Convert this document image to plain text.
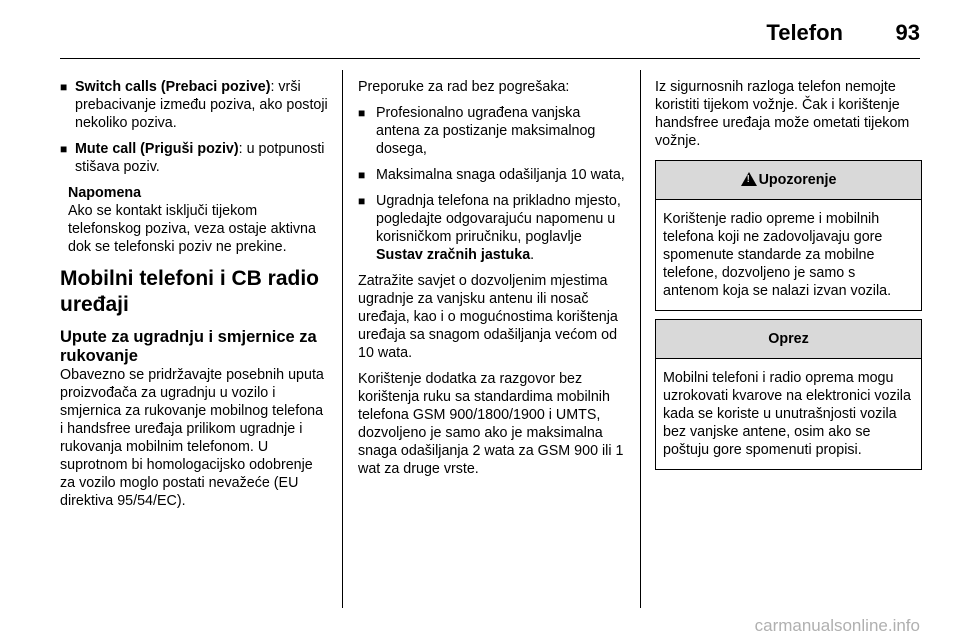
Telefon 93
■ Switch calls (Prebaci pozive): vrši prebacivanje između poziva, ako postoji nekoliko poziva.
■ Mute call (Priguši poziv): u potpunosti stišava poziv.
Napomena
Ako se kontakt isključi tijekom telefonskog poziva, veza ostaje aktivna dok se telefonski poziv ne prekine.
Mobilni telefoni i CB radio uređaji
Upute za ugradnju i smjernice za rukovanje

Obavezno se pridržavajte posebnih uputa proizvođača za ugradnju u vozilo i smjernica za rukovanje mobilnog telefona i handsfree uređaja prilikom ugradnje i rukovanja mobilnim telefonom. U suprotnom bi homologacijsko odobrenje za vozilo moglo postati nevažeće (EU direktiva 95/54/EC).

Preporuke za rad bez pogrešaka:

■ Profesionalno ugrađena vanjska antena za postizanje maksimalnog dosega,
■ Maksimalna snaga odašiljanja 10 wata,
■ Ugradnja telefona na prikladno mjesto, pogledajte odgovarajuću napomenu u korisničkom priručniku, poglavlje Sustav zračnih jastuka.

Zatražite savjet o dozvoljenim mjestima ugradnje za vanjsku antenu ili nosač uređaja, kao i o mogućnostima korištenja uređaja sa snagom odašiljanja većom od 10 wata.

Korištenje dodatka za razgovor bez korištenja ruku sa standardima mobilnih telefona GSM 900/1800/1900 i UMTS, dozvoljeno je samo ako je maksimalna snaga odašiljanja 2 wata za GSM 900 ili 1 wat za druge vrste.

Iz sigurnosnih razloga telefon nemojte koristiti tijekom vožnje. Čak i korištenje handsfree uređaja može ometati tijekom vožnje.

!Upozorenje
Korištenje radio opreme i mobilnih telefona koji ne zadovoljavaju gore spomenute standarde za mobilne telefone, dozvoljeno je samo s antenom koja se nalazi izvan vozila.
Oprez
Mobilni telefoni i radio oprema mogu uzrokovati kvarove na elektronici vozila kada se koriste u unutrašnjosti vozila bez vanjske antene, osim ako se poštuju gore spomenuti propisi.
carmanualsonline.info
